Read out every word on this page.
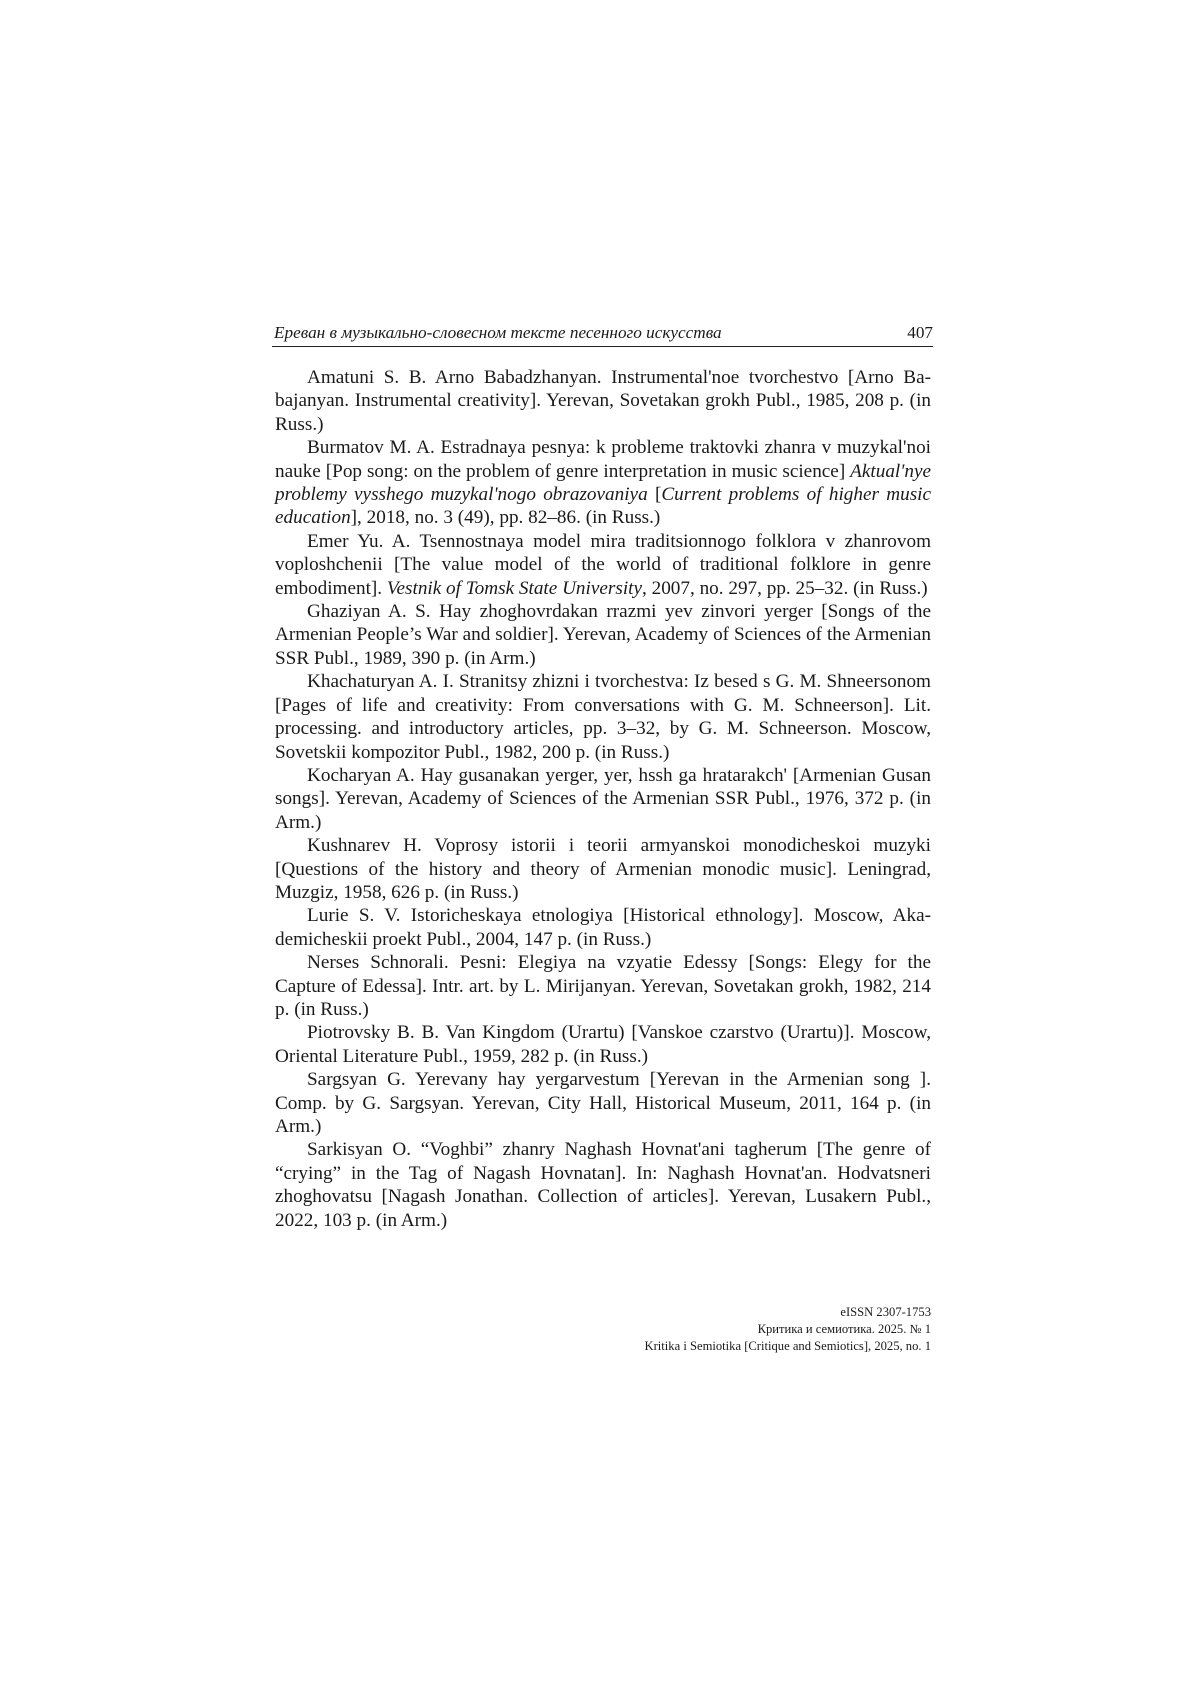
Ереван в музыкально-словесном тексте песенного искусства	407

Amatuni S. B. Arno Babadzhanyan. Instrumental'noe tvorchestvo [Arno Ba­bajanyan. Instrumental creativity]. Yerevan, Sovetakan grokh Publ., 1985, 208 p. (in Russ.)

Burmatov M. A. Estradnaya pesnya: k probleme traktovki zhanra v muzy­kal'noi nauke [Pop song: on the problem of genre interpretation in music sci­ence] Aktual'nye problemy vysshego muzykal'nogo obrazovaniya [Current prob­lems of higher music education], 2018, no. 3 (49), pp. 82–86. (in Russ.)

Emer Yu. A. Tsennostnaya model mira traditsionnogo folklora v zhanrovom voploshchenii [The value model of the world of traditional folklore in genre embodiment]. Vestnik of Tomsk State University, 2007, no. 297, pp. 25–32. (in Russ.)

Ghaziyan A. S. Hay zhoghovrdakan rrazmi yev zinvori yerger [Songs of the Armenian People’s War and soldier]. Yerevan, Academy of Sciences of the Armenian SSR Publ., 1989, 390 p. (in Arm.)

Khachaturyan A. I. Stranitsy zhizni i tvorchestva: Iz besed s G. M. Shneer­sonom [Pages of life and creativity: From conversations with G. M. Schne­erson]. Lit. processing. and introductory articles, pp. 3–32, by G. M. Schneer­son. Moscow, Sovetskii kompozitor Publ., 1982, 200 p. (in Russ.)

Kocharyan A. Hay gusanakan yerger, yer, hssh ga hratarakch' [Armenian Gusan songs]. Yerevan, Academy of Sciences of the Armenian SSR Publ., 1976, 372 p. (in Arm.)

Kushnarev H. Voprosy istorii i teorii armyanskoi monodicheskoi muzyki [Questions of the history and theory of Armenian monodic music]. Leningrad, Muzgiz, 1958, 626 p. (in Russ.)

Lurie S. V. Istoricheskaya etnologiya [Historical ethnology]. Moscow, Aka­demicheskii proekt Publ., 2004, 147 p. (in Russ.)

Nerses Schnorali. Pesni: Elegiya na vzyatie Edessy [Songs: Elegy for the Capture of Edessa]. Intr. art. by L. Mirijanyan. Yerevan, Sovetakan grokh, 1982, 214 p. (in Russ.)

Piotrovsky B. B. Van Kingdom (Urartu) [Vanskoe czarstvo (Urartu)]. Mos­cow, Oriental Literature Publ., 1959, 282 p. (in Russ.)

Sargsyan G. Yerevany hay yergarvestum [Yerevan in the Armenian song ]. Comp. by G. Sargsyan. Yerevan, City Hall, Historical Museum, 2011, 164 p. (in Arm.)

Sarkisyan O. “Voghbi” zhanry Naghash Hovnat'ani tagherum [The genre of “crying” in the Tag of Nagash Hovnatan]. In: Naghash Hovnat'an. Hodvatsneri zhoghovatsu [Nagash Jonathan. Collection of articles]. Yerevan, Lusakern Publ., 2022, 103 p. (in Arm.)

eISSN 2307-1753
Критика и семиотика. 2025. № 1
Kritika i Semiotika [Critique and Semiotics], 2025, no. 1
